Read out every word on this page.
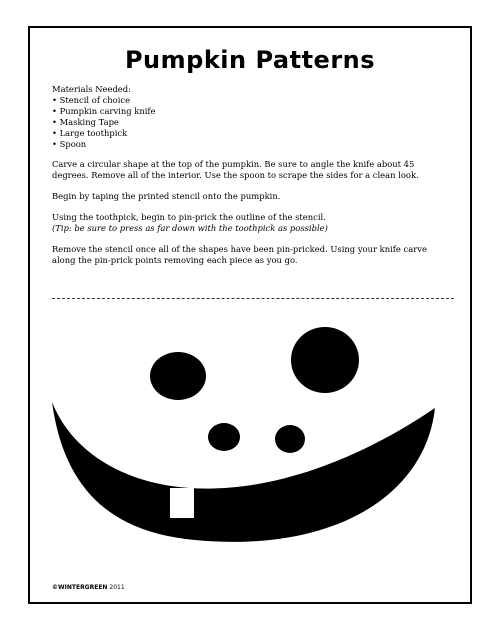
Pumpkin Patterns
Materials Needed:
• Stencil of choice
• Pumpkin carving knife
• Masking Tape
• Large toothpick
• Spoon

Carve a circular shape at the top of the pumpkin. Be sure to angle the knife about 45 degrees. Remove all of the interior. Use the spoon to scrape the sides for a clean look.

Begin by taping the printed stencil onto the pumpkin.

Using the toothpick, begin to pin-prick the outline of the stencil.
(Tip: be sure to press as far down with the toothpick as possible)

Remove the stencil once all of the shapes have been pin-pricked. Using your knife carve along the pin-prick points removing each piece as you go.

©WINTERGREEN 2011
